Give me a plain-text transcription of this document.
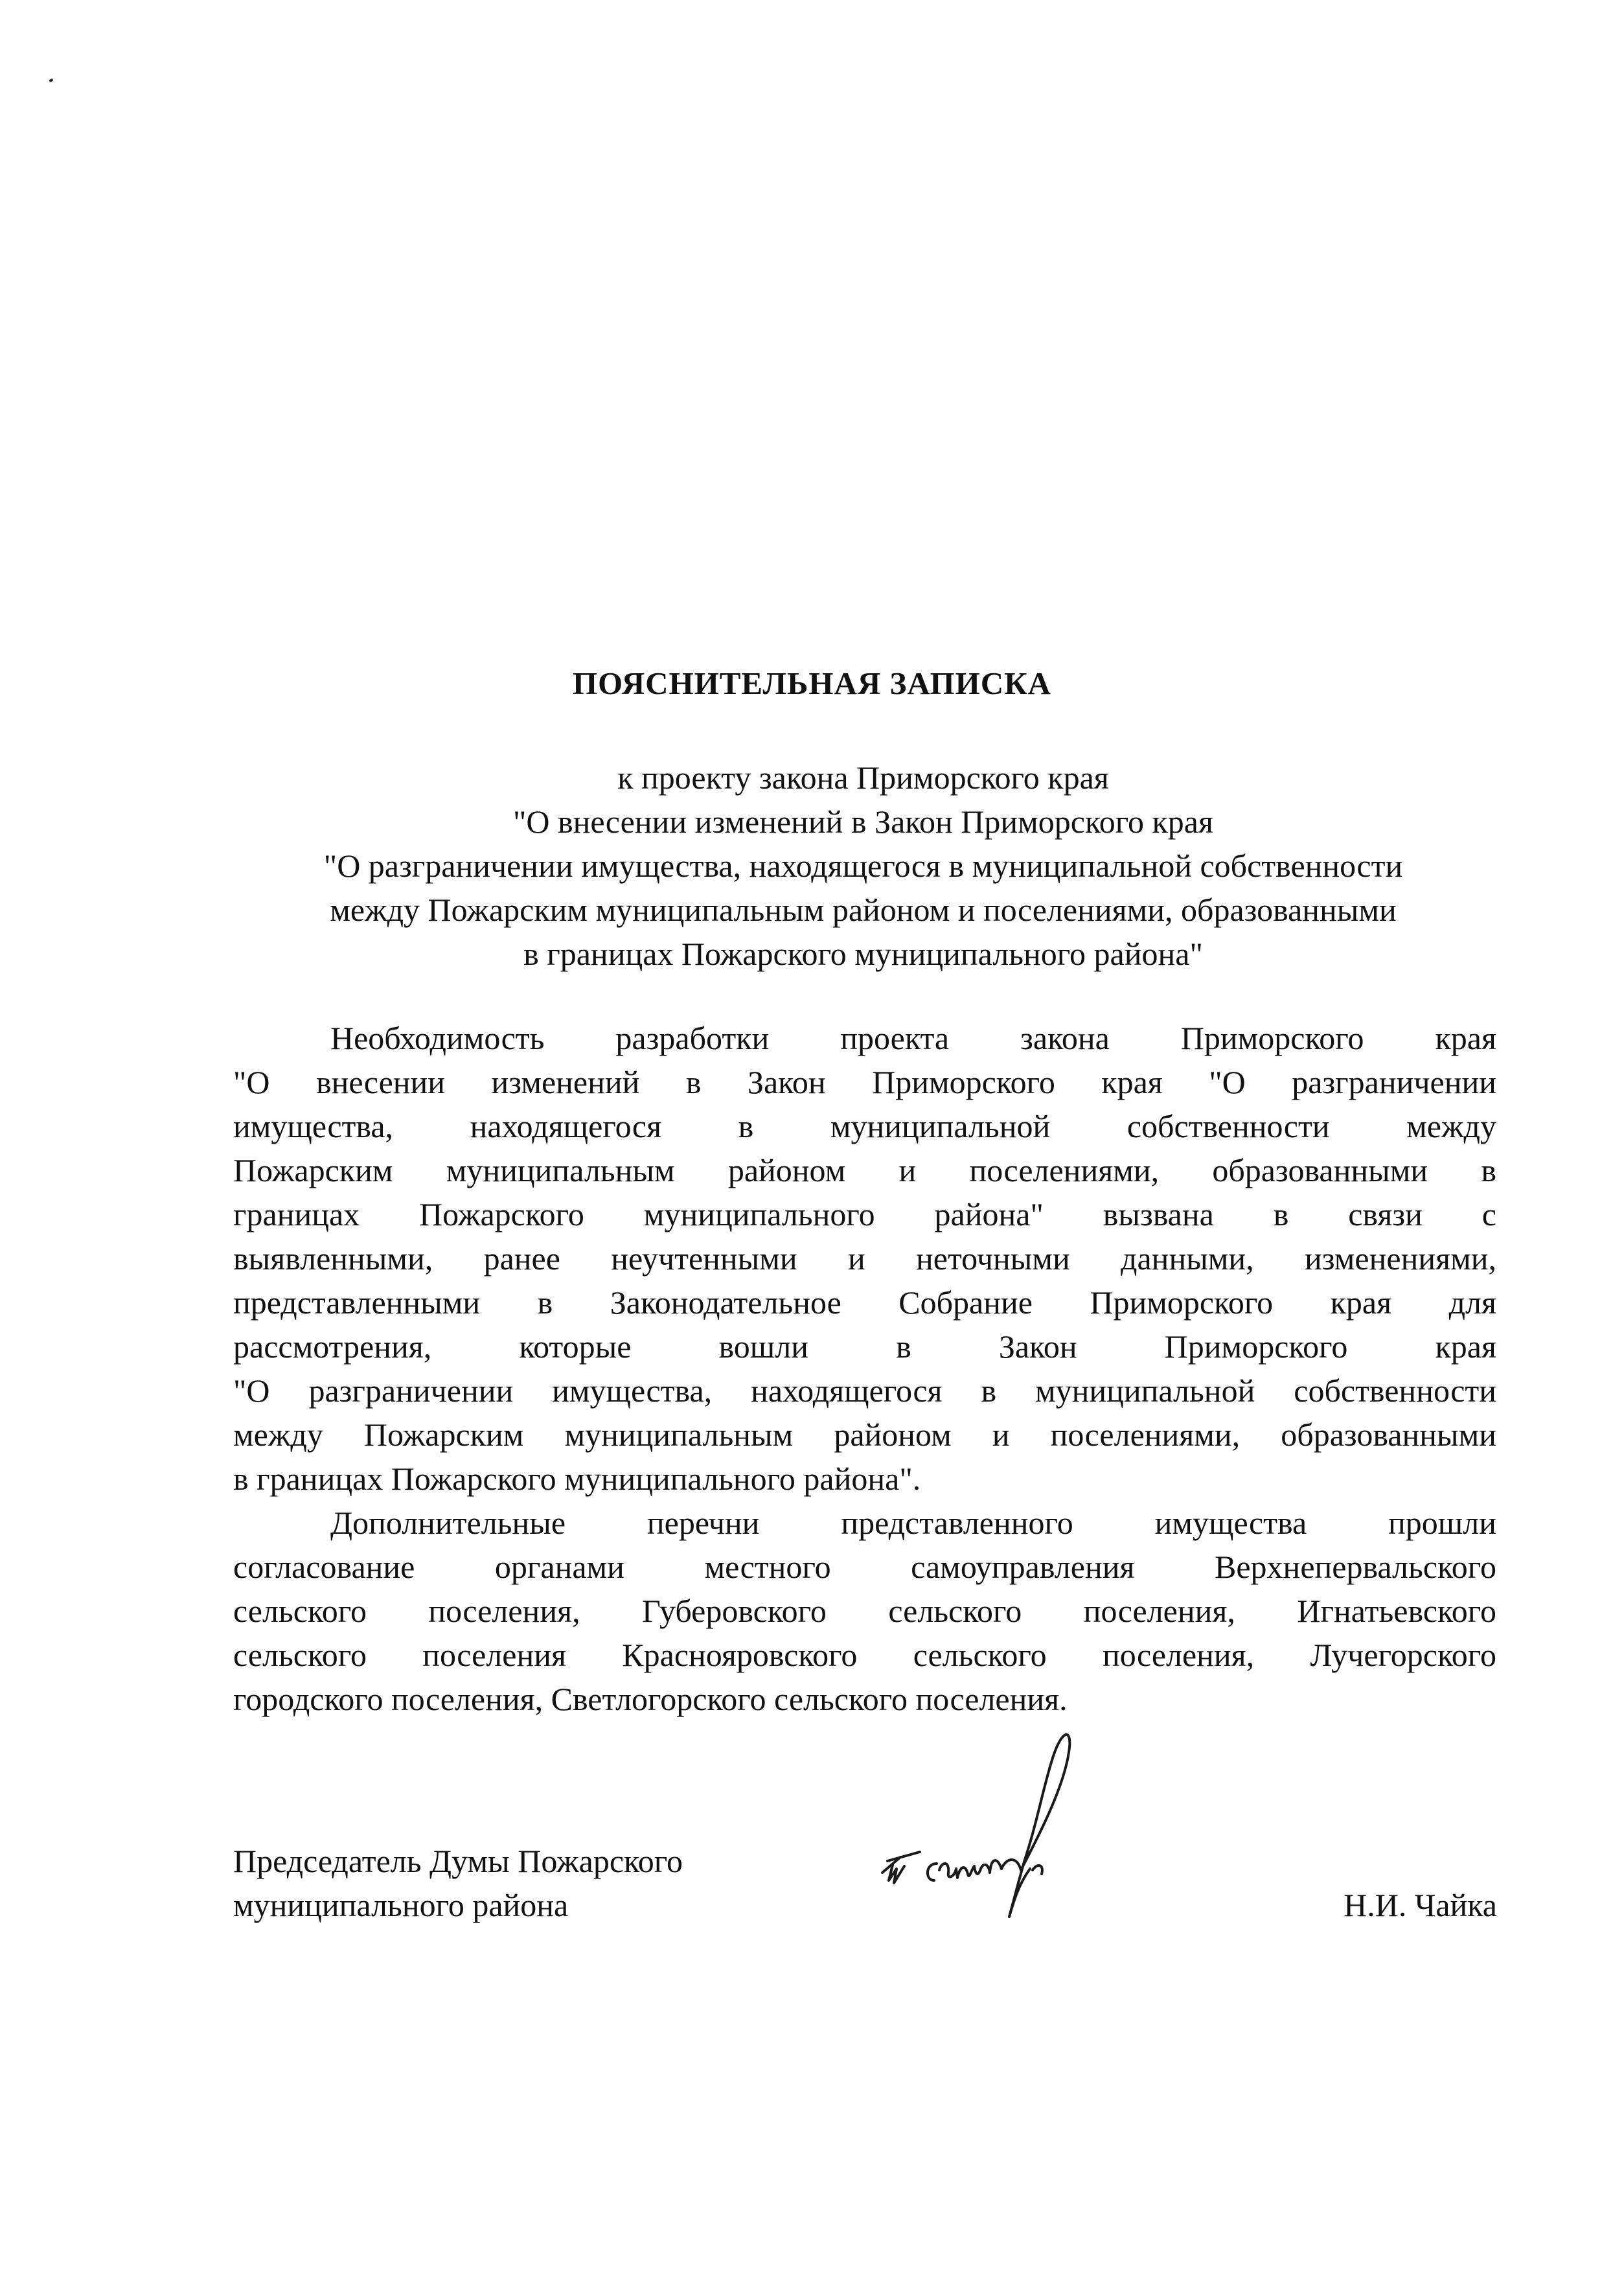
ПОЯСНИТЕЛЬНАЯ ЗАПИСКА
к проекту закона Приморского края
"О внесении изменений в Закон Приморского края
"О разграничении имущества, находящегося в муниципальной собственности
между Пожарским муниципальным районом и поселениями, образованными
в границах Пожарского муниципального района"
Необходимость разработки проекта закона Приморского края
"О внесении изменений в Закон Приморского края "О разграничении
имущества, находящегося в муниципальной собственности между
Пожарским муниципальным районом и поселениями, образованными в
границах Пожарского муниципального района" вызвана в связи с
выявленными, ранее неучтенными и неточными данными, изменениями,
представленными в Законодательное Собрание Приморского края для
рассмотрения, которые вошли в Закон Приморского края
"О разграничении имущества, находящегося в муниципальной собственности
между Пожарским муниципальным районом и поселениями, образованными
в границах Пожарского муниципального района".
Дополнительные перечни представленного имущества прошли
согласование органами местного самоуправления Верхнепервальского
сельского поселения, Губеровского сельского поселения, Игнатьевского
сельского поселения Краснояровского сельского поселения, Лучегорского
городского поселения, Светлогорского сельского поселения.
Председатель Думы Пожарского
муниципального района	Н.И. Чайка
